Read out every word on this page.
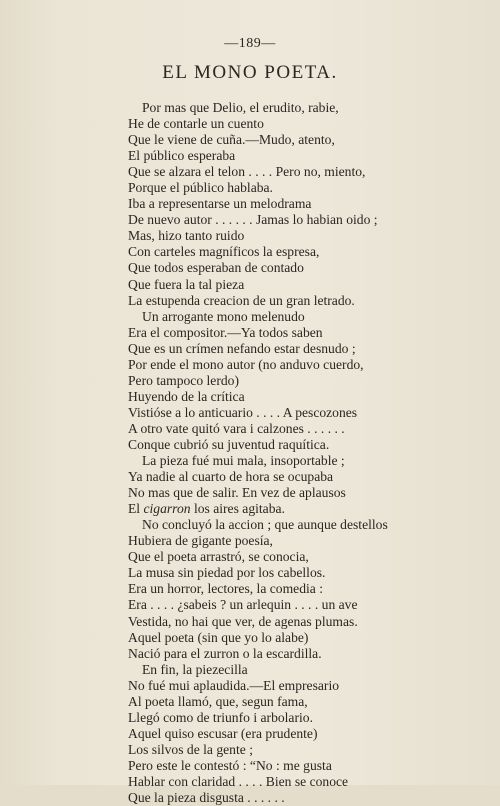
—189—
EL MONO POETA.
Por mas que Delio, el erudito, rabie,
He de contarle un cuento
Que le viene de cuña.—Mudo, atento,
El público esperaba
Que se alzara el telon . . . . Pero no, miento,
Porque el público hablaba.
Iba a representarse un melodrama
De nuevo autor . . . . . . Jamas lo habian oido ;
Mas, hizo tanto ruido
Con carteles magníficos la espresa,
Que todos esperaban de contado
Que fuera la tal pieza
La estupenda creacion de un gran letrado.
Un arrogante mono melenudo
Era el compositor.—Ya todos saben
Que es un crímen nefando estar desnudo ;
Por ende el mono autor (no anduvo cuerdo,
Pero tampoco lerdo)
Huyendo de la crítica
Vistióse a lo anticuario . . . . A pescozones
A otro vate quitó vara i calzones . . . . . .
Conque cubrió su juventud raquítica.
La pieza fué mui mala, insoportable ;
Ya nadie al cuarto de hora se ocupaba
No mas que de salir. En vez de aplausos
El cigarron los aires agitaba.
No concluyó la accion ; que aunque destellos
Hubiera de gigante poesía,
Que el poeta arrastró, se conocia,
La musa sin piedad por los cabellos.
Era un horror, lectores, la comedia :
Era . . . . ¿sabeis ? un arlequin . . . . un ave
Vestida, no hai que ver, de agenas plumas.
Aquel poeta (sin que yo lo alabe)
Nació para el zurron o la escardilla.
En fin, la piezecilla
No fué mui aplaudida.—El empresario
Al poeta llamó, que, segun fama,
Llegó como de triunfo i arbolario.
Aquel quiso escusar (era prudente)
Los silvos de la gente ;
Pero este le contestó : “No : me gusta
Hablar con claridad . . . . Bien se conoce
Que la pieza disgusta . . . . . .
